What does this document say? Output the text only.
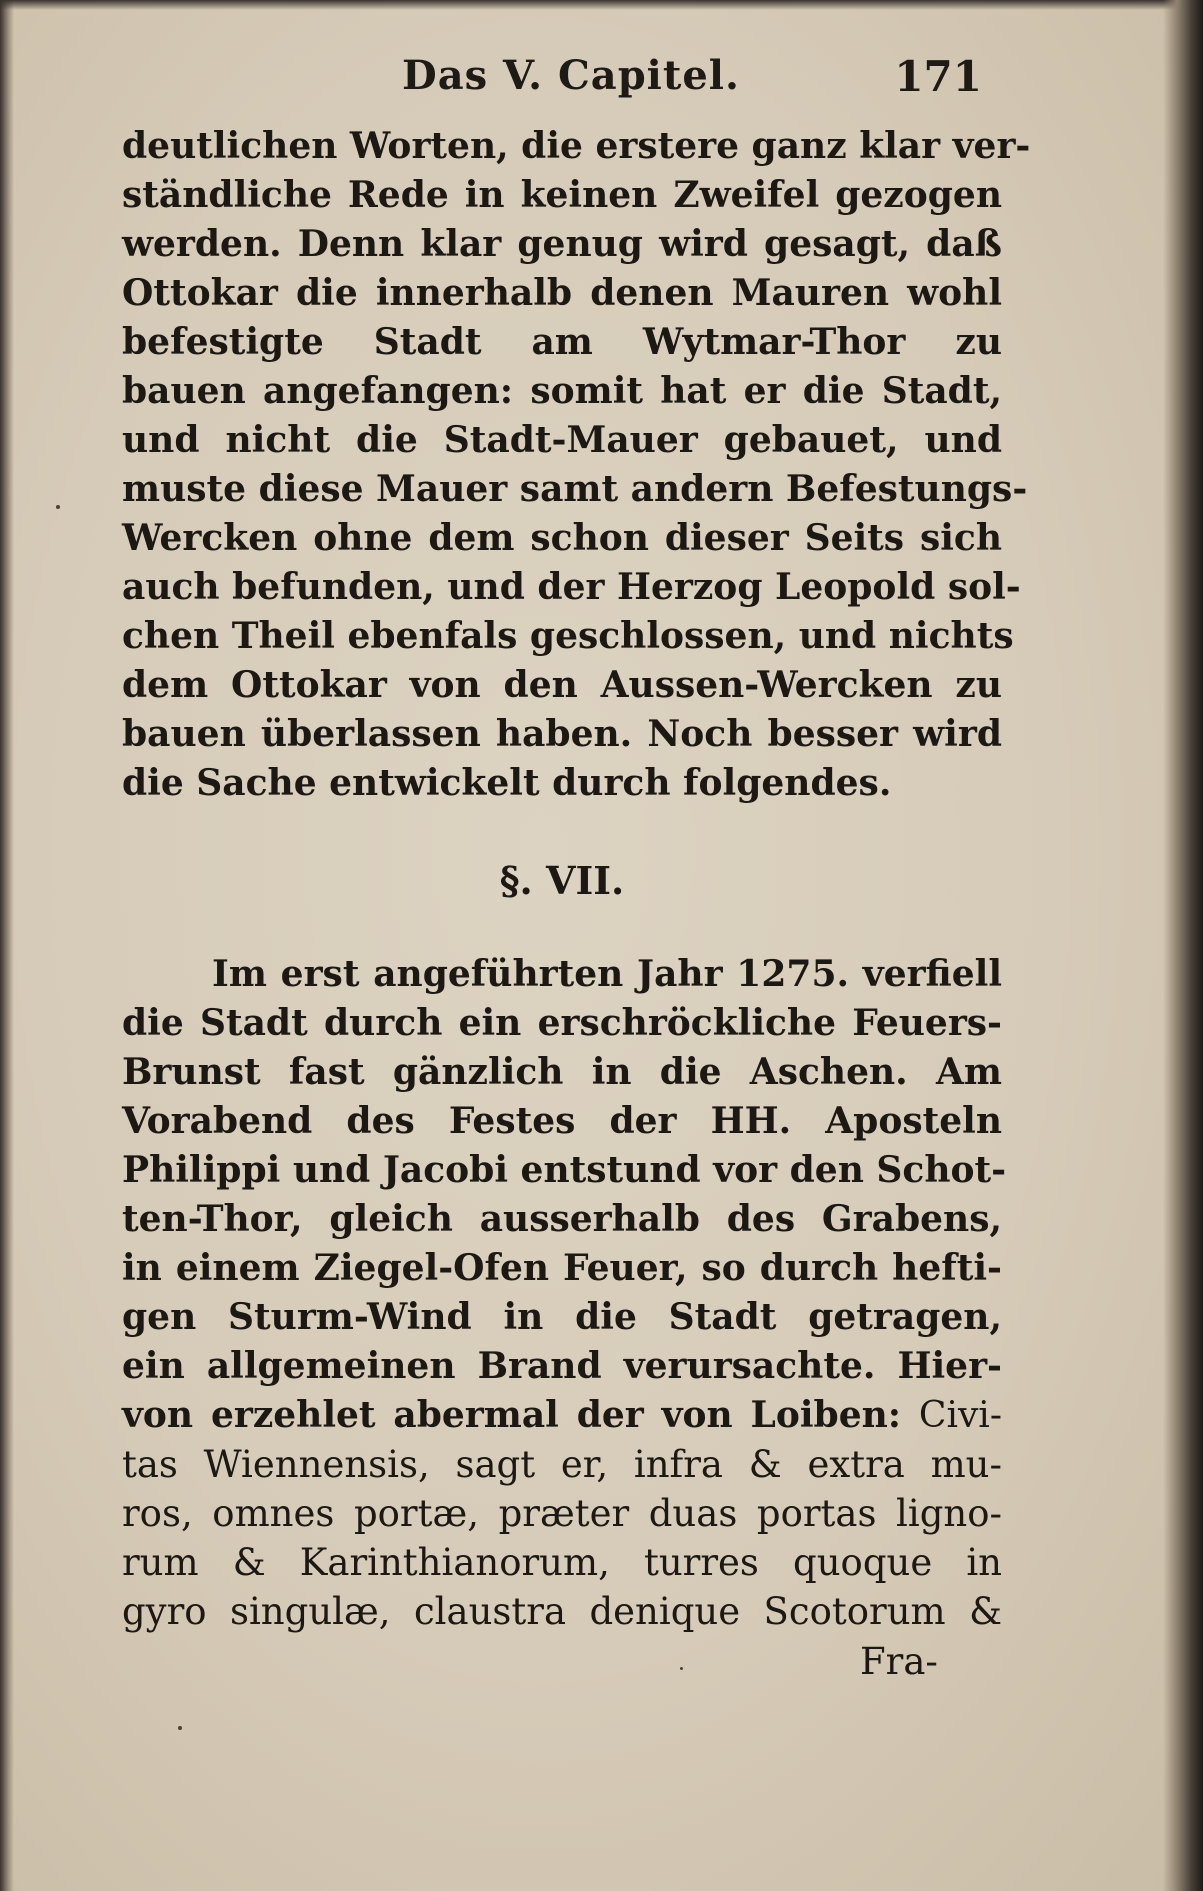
Das V. Capitel.	171
deutlichen Worten, die erstere ganz klar ver-
ständliche Rede in keinen Zweifel gezogen
werden. Denn klar genug wird gesagt, daß
Ottokar die innerhalb denen Mauren wohl
befestigte Stadt am Wytmar-Thor zu
bauen angefangen: somit hat er die Stadt,
und nicht die Stadt-Mauer gebauet, und
muste diese Mauer samt andern Befestungs-
Wercken ohne dem schon dieser Seits sich
auch befunden, und der Herzog Leopold sol-
chen Theil ebenfals geschlossen, und nichts
dem Ottokar von den Aussen-Wercken zu
bauen überlassen haben. Noch besser wird
die Sache entwickelt durch folgendes.
§. VII.
Im erst angeführten Jahr 1275. verfiell
die Stadt durch ein erschröckliche Feuers-
Brunst fast gänzlich in die Aschen. Am
Vorabend des Festes der HH. Aposteln
Philippi und Jacobi entstund vor den Schot-
ten-Thor, gleich ausserhalb des Grabens,
in einem Ziegel-Ofen Feuer, so durch hefti-
gen Sturm-Wind in die Stadt getragen,
ein allgemeinen Brand verursachte. Hier-
von erzehlet abermal der von Loiben: Civi-
tas Wiennensis, sagt er, infra & extra mu-
ros, omnes portæ, præter duas portas ligno-
rum & Karinthianorum, turres quoque in
gyro singulæ, claustra denique Scotorum &
Fra-
